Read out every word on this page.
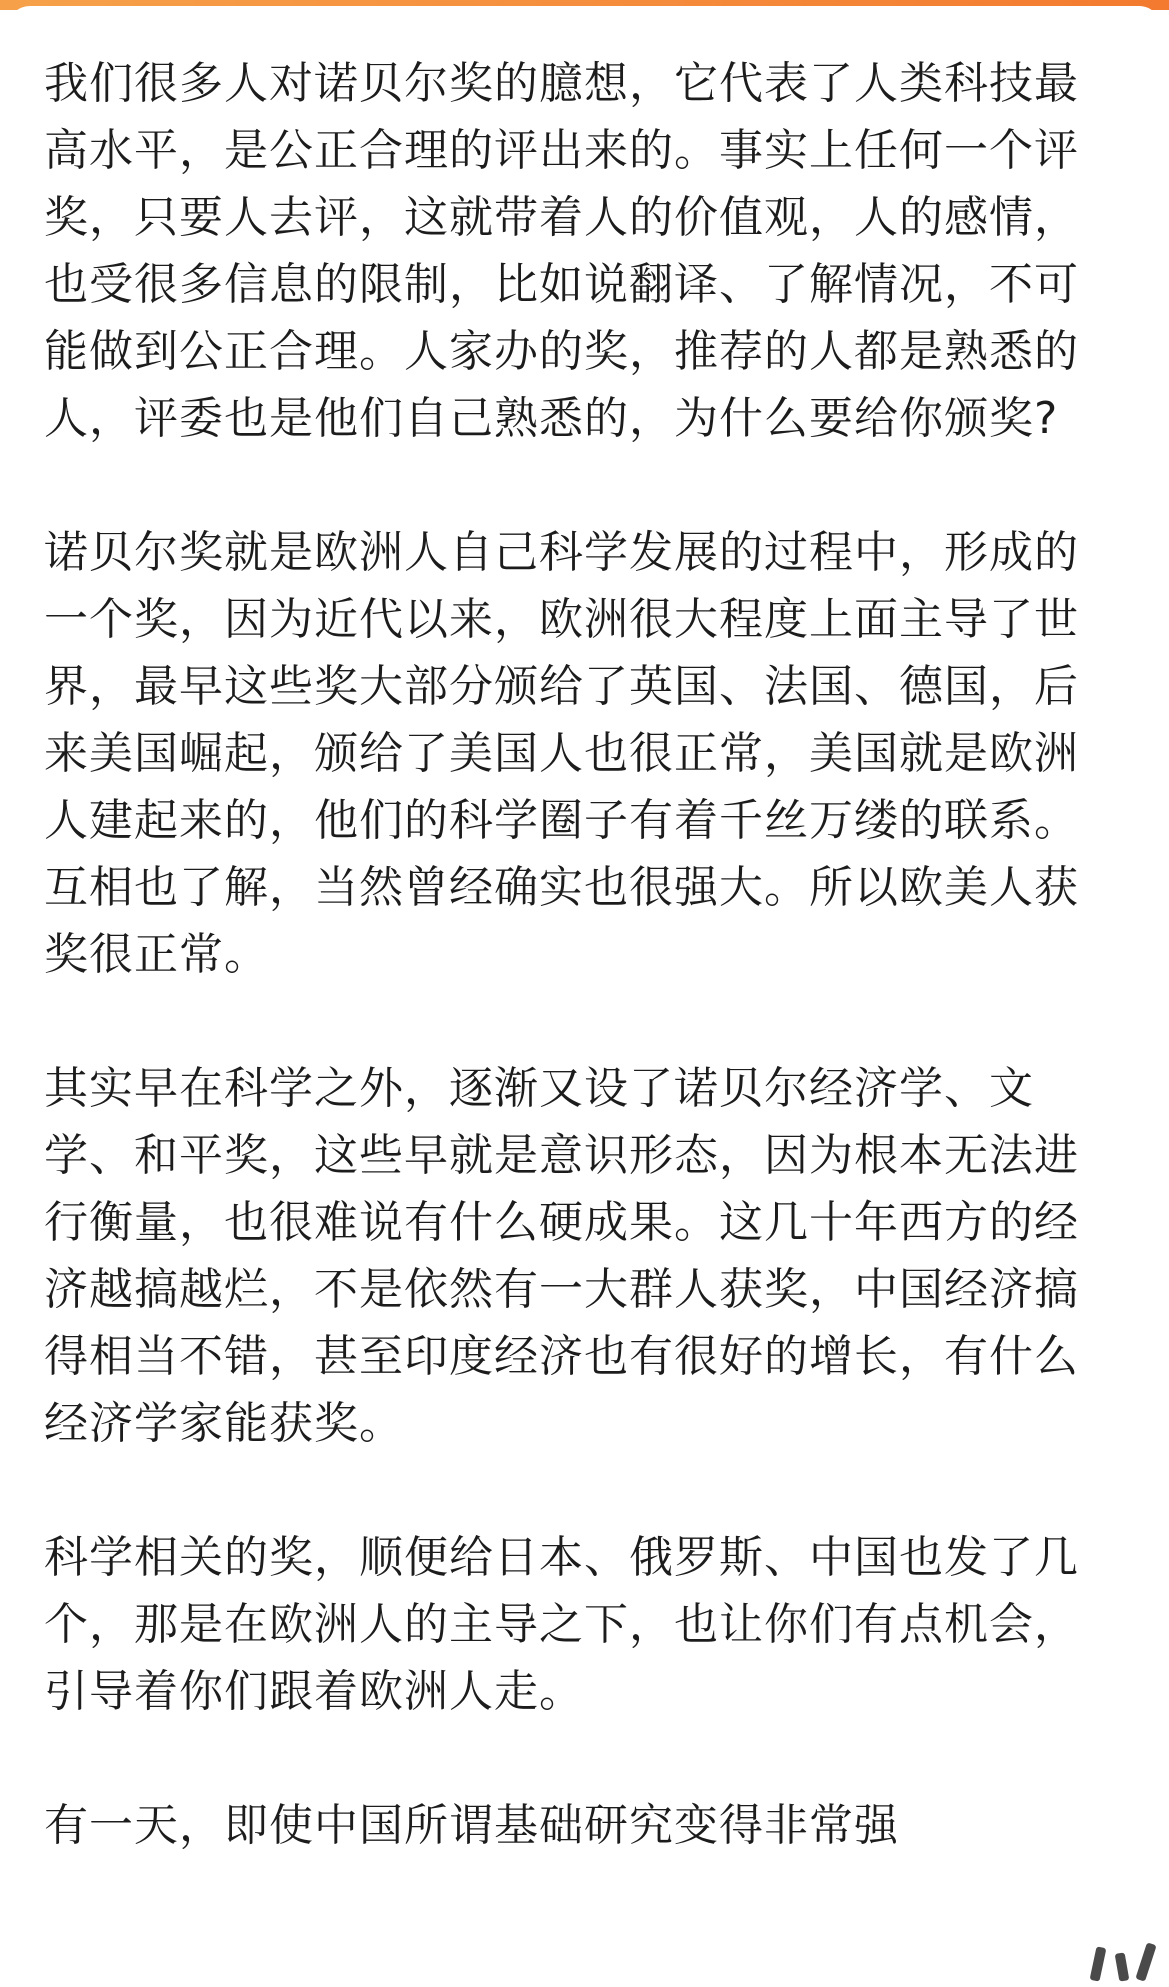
我们很多人对诺贝尔奖的臆想，它代表了人类科技最高水平，是公正合理的评出来的。事实上任何一个评奖，只要人去评，这就带着人的价值观，人的感情，也受很多信息的限制，比如说翻译、了解情况，不可能做到公正合理。人家办的奖，推荐的人都是熟悉的人，评委也是他们自己熟悉的，为什么要给你颁奖?

诺贝尔奖就是欧洲人自己科学发展的过程中，形成的一个奖，因为近代以来，欧洲很大程度上面主导了世界，最早这些奖大部分颁给了英国、法国、德国，后来美国崛起，颁给了美国人也很正常，美国就是欧洲人建起来的，他们的科学圈子有着千丝万缕的联系。互相也了解，当然曾经确实也很强大。所以欧美人获奖很正常。

其实早在科学之外，逐渐又设了诺贝尔经济学、文学、和平奖，这些早就是意识形态，因为根本无法进行衡量，也很难说有什么硬成果。这几十年西方的经济越搞越烂，不是依然有一大群人获奖，中国经济搞得相当不错，甚至印度经济也有很好的增长，有什么经济学家能获奖。

科学相关的奖，顺便给日本、俄罗斯、中国也发了几个，那是在欧洲人的主导之下，也让你们有点机会，引导着你们跟着欧洲人走。

有一天，即使中国所谓基础研究变得非常强
